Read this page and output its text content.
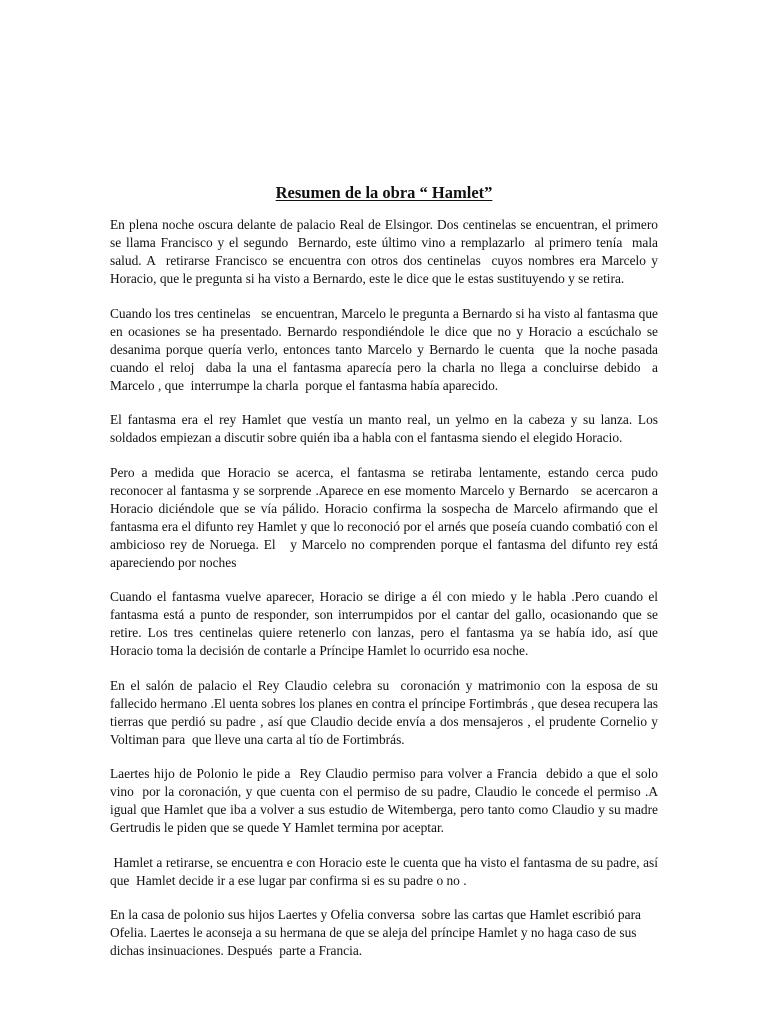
Resumen de la obra “ Hamlet”

En plena noche oscura delante de palacio Real de Elsingor. Dos centinelas se encuentran, el primero se llama Francisco y el segundo  Bernardo, este último vino a remplazarlo  al primero tenía  mala  salud. A  retirarse Francisco se encuentra con otros dos centinelas  cuyos nombres era Marcelo y Horacio, que le pregunta si ha visto a Bernardo, este le dice que le estas sustituyendo y se retira.

Cuando los tres centinelas   se encuentran, Marcelo le pregunta a Bernardo si ha visto al fantasma que en ocasiones se ha presentado. Bernardo respondiéndole le dice que no y Horacio a escúchalo se desanima porque quería verlo, entonces tanto Marcelo y Bernardo le cuenta  que la noche pasada cuando el reloj  daba la una el fantasma aparecía pero la charla no llega a concluirse debido  a Marcelo , que  interrumpe la charla  porque el fantasma había aparecido.

El fantasma era el rey Hamlet que vestía un manto real, un yelmo en la cabeza y su lanza. Los soldados empiezan a discutir sobre quién iba a habla con el fantasma siendo el elegido Horacio.

Pero a medida que Horacio se acerca, el fantasma se retiraba lentamente, estando cerca pudo reconocer al fantasma y se sorprende .Aparece en ese momento Marcelo y Bernardo   se acercaron a Horacio diciéndole que se vía pálido. Horacio confirma la sospecha de Marcelo afirmando que el fantasma era el difunto rey Hamlet y que lo reconoció por el arnés que poseía cuando combatió con el ambicioso rey de Noruega. El   y Marcelo no comprenden porque el fantasma del difunto rey está apareciendo por noches

Cuando el fantasma vuelve aparecer, Horacio se dirige a él con miedo y le habla .Pero cuando el fantasma está a punto de responder, son interrumpidos por el cantar del gallo, ocasionando que se retire. Los tres centinelas quiere retenerlo con lanzas, pero el fantasma ya se había ido, así que Horacio toma la decisión de contarle a Príncipe Hamlet lo ocurrido esa noche.

En el salón de palacio el Rey Claudio celebra su  coronación y matrimonio con la esposa de su fallecido hermano .El uenta sobres los planes en contra el príncipe Fortimbrás , que desea recupera las tierras que perdió su padre , así que Claudio decide envía a dos mensajeros , el prudente Cornelio y Voltiman para  que lleve una carta al tío de Fortimbrás.

Laertes hijo de Polonio le pide a  Rey Claudio permiso para volver a Francia  debido a que el solo vino  por la coronación, y que cuenta con el permiso de su padre, Claudio le concede el permiso .A igual que Hamlet que iba a volver a sus estudio de Witemberga, pero tanto como Claudio y su madre Gertrudis le piden que se quede Y Hamlet termina por aceptar.

Hamlet a retirarse, se encuentra e con Horacio este le cuenta que ha visto el fantasma de su padre, así que  Hamlet decide ir a ese lugar par confirma si es su padre o no .

En la casa de polonio sus hijos Laertes y Ofelia conversa  sobre las cartas que Hamlet escribió para Ofelia. Laertes le aconseja a su hermana de que se aleja del príncipe Hamlet y no haga caso de sus dichas insinuaciones. Después  parte a Francia.
